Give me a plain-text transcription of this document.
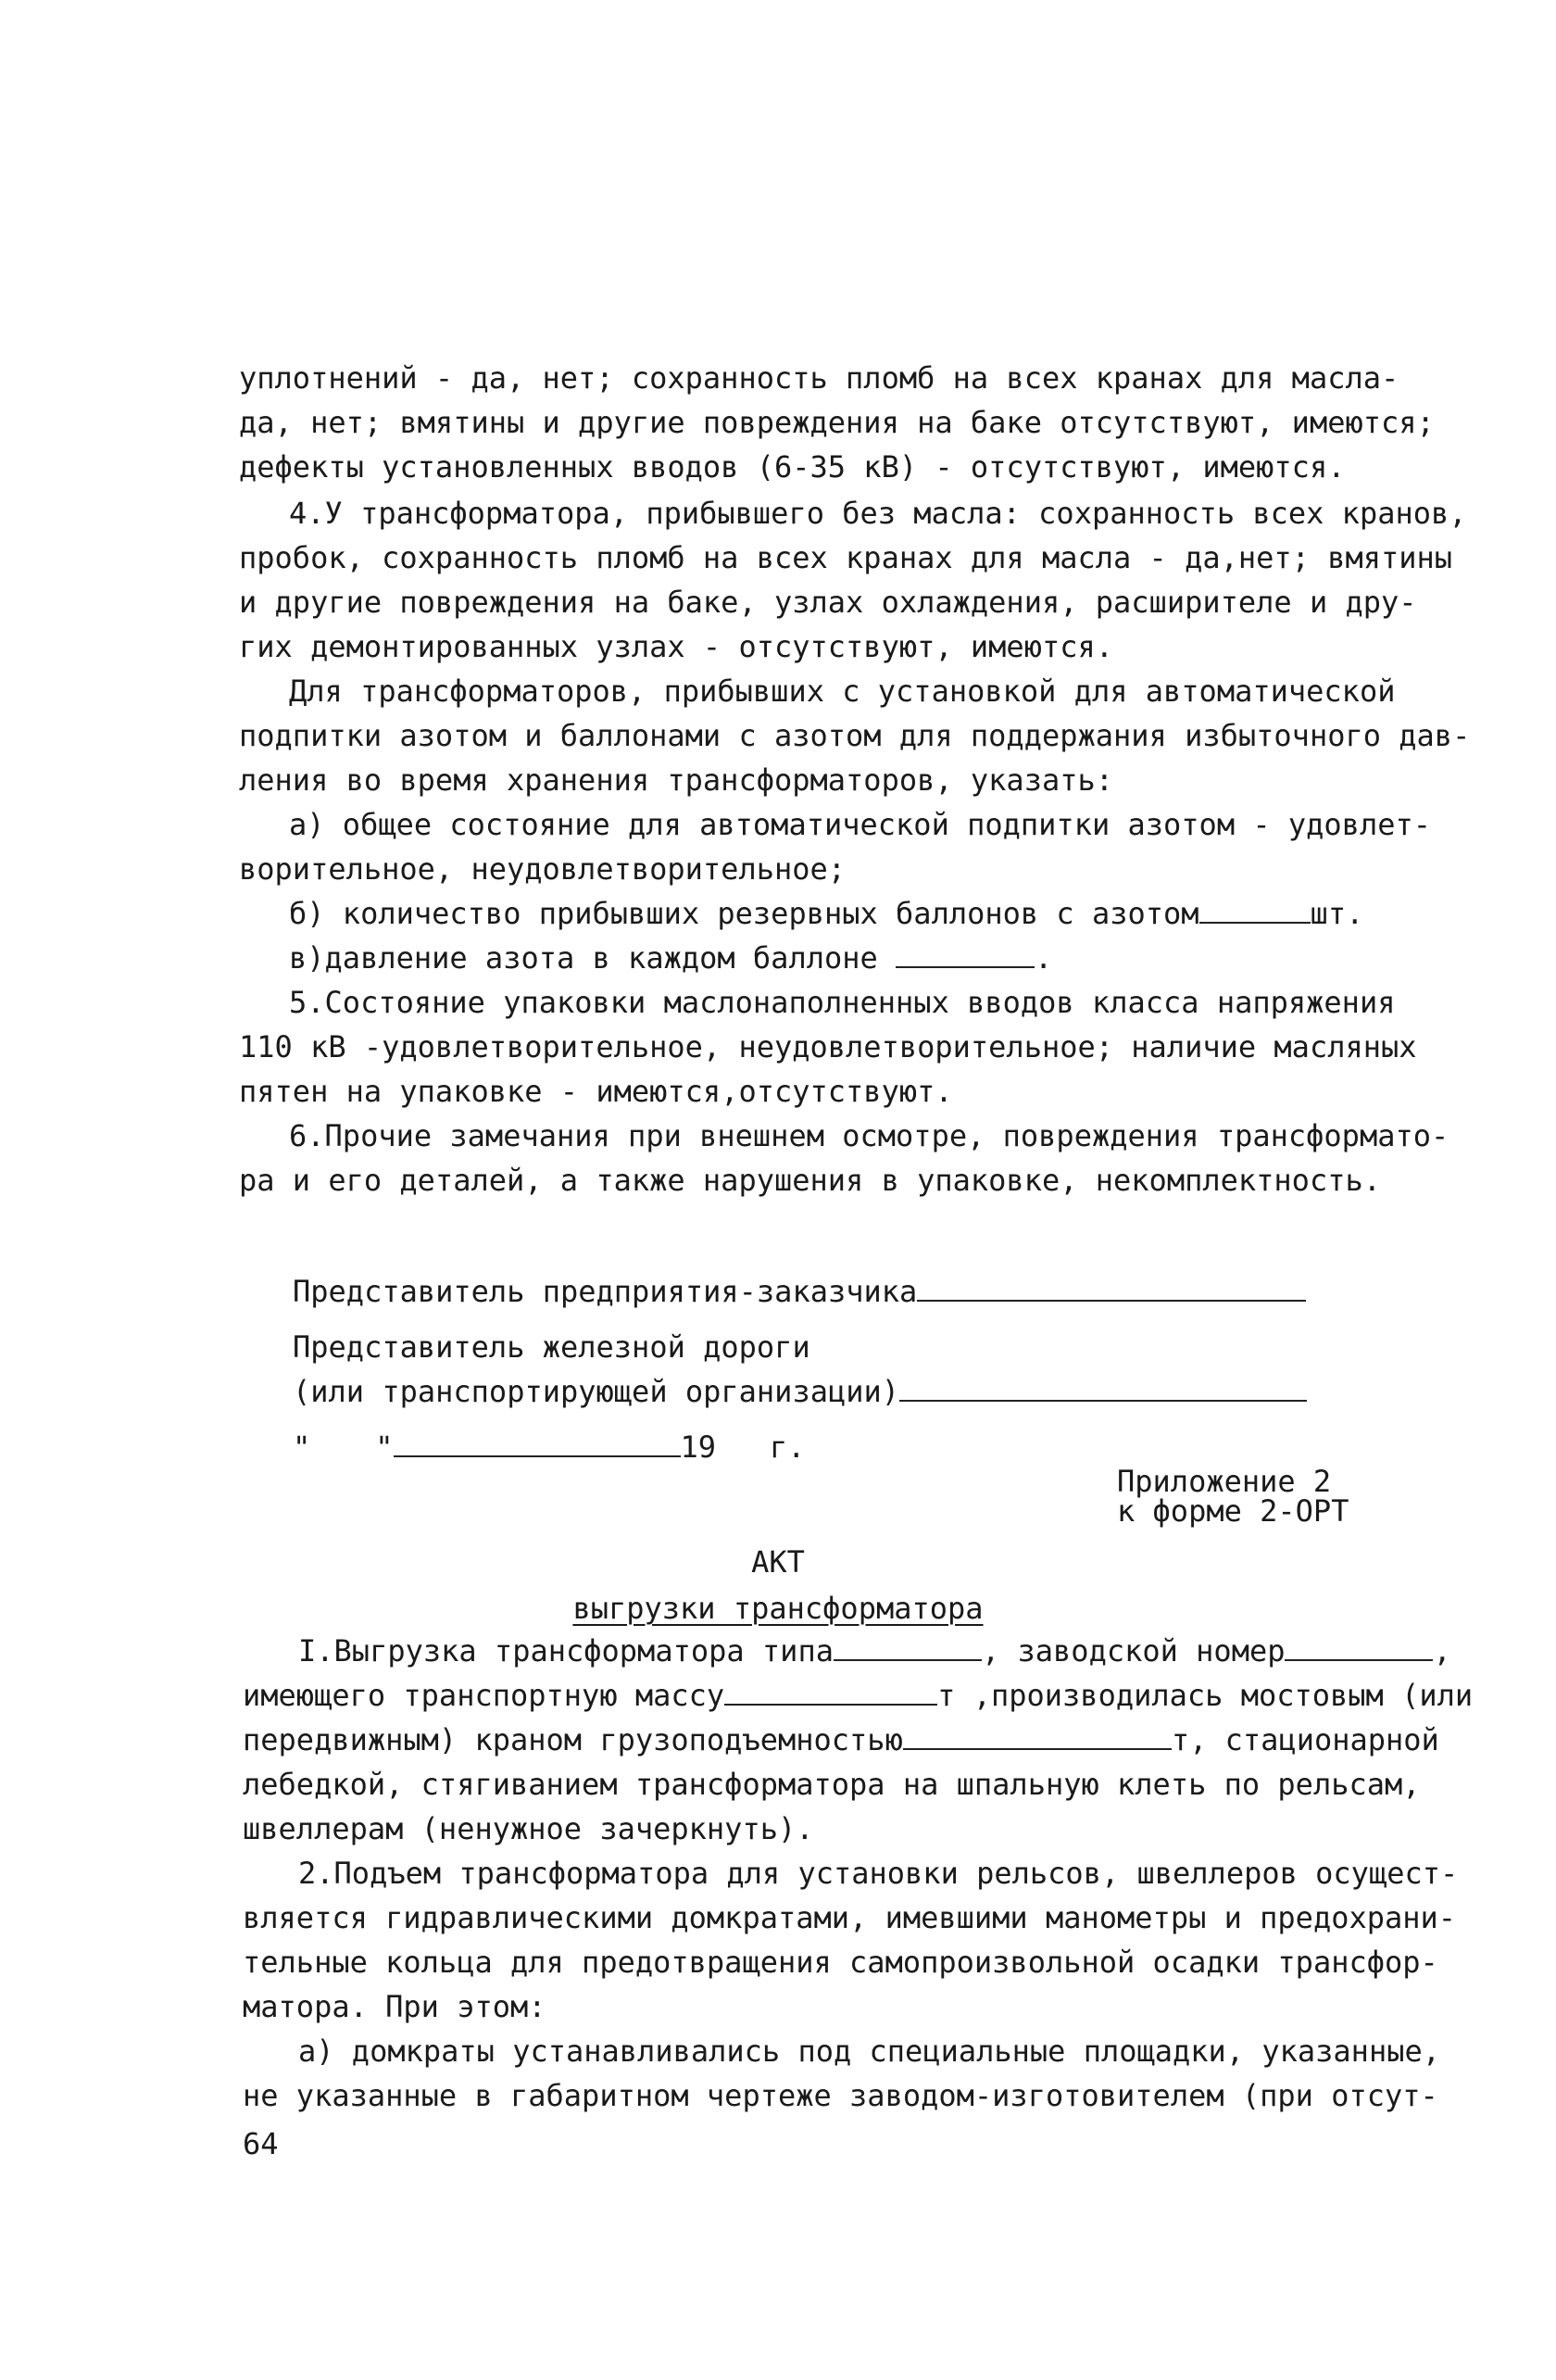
уплотнений - да, нет; сохранность пломб на всех кранах для масла-

да, нет; вмятины и другие повреждения на баке отсутствуют, имеются;

дефекты установленных вводов (6-35 кВ) - отсутствуют, имеются.

4.У трансформатора, прибывшего без масла: сохранность всех кранов,

пробок, сохранность пломб на всех кранах для масла - да,нет; вмятины

и другие повреждения на баке, узлах охлаждения, расширителе и дру-

гих демонтированных узлах - отсутствуют, имеются.

Для трансформаторов, прибывших с установкой для автоматической

подпитки азотом и баллонами с азотом для поддержания избыточного дав-

ления во время хранения трансформаторов, указать:

а) общее состояние для автоматической подпитки азотом - удовлет-

ворительное, неудовлетворительное;

б) количество прибывших резервных баллонов с азотом	шт.

в)давление азота в каждом баллоне	.

5.Состояние упаковки маслонаполненных вводов класса напряжения

110 кВ -удовлетворительное, неудовлетворительное; наличие масляных

пятен на упаковке - имеются,отсутствуют.

6.Прочие замечания при внешнем осмотре, повреждения трансформато-

ра и его деталей, а также нарушения в упаковке, некомплектность.

Представитель предприятия-заказчика

Представитель железной дороги

(или транспортирующей организации)

" "	19 г.

Приложение 2

к форме 2-ОРТ

АКТ

выгрузки трансформатора

I.Выгрузка трансформатора типа	, заводской номер	,

имеющего транспортную массу	т ,производилась мостовым (или

передвижным) краном грузоподъемностью	т, стационарной

лебедкой, стягиванием трансформатора на шпальную клеть по рельсам,

швеллерам (ненужное зачеркнуть).

2.Подъем трансформатора для установки рельсов, швеллеров осущест-

вляется гидравлическими домкратами, имевшими манометры и предохрани-

тельные кольца для предотвращения самопроизвольной осадки трансфор-

матора. При этом:

а) домкраты устанавливались под специальные площадки, указанные,

не указанные в габаритном чертеже заводом-изготовителем (при отсут-

64
